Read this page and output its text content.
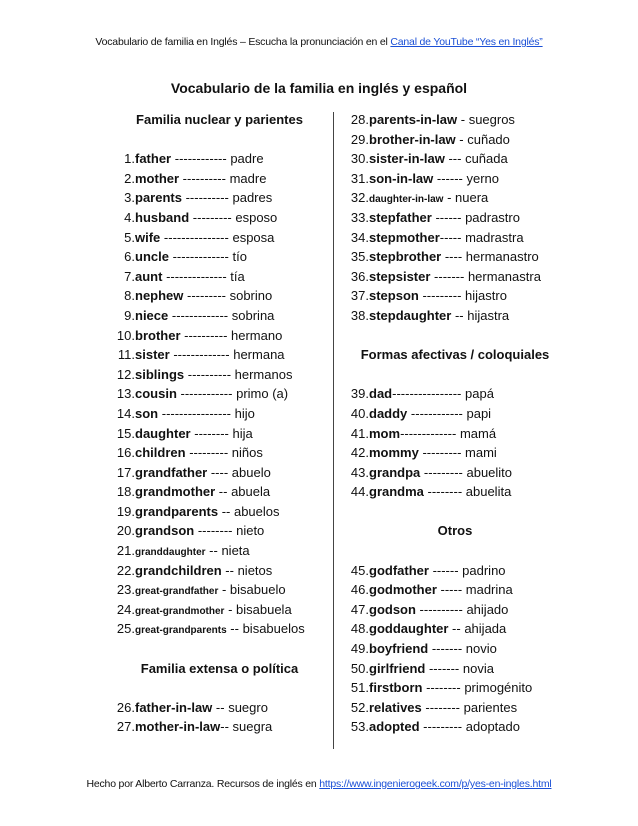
Vocabulario de familia en Inglés – Escucha la pronunciación en el Canal de YouTube “Yes en Inglés”
Vocabulario de la familia en inglés y español
Familia nuclear y parientes
1.father ------------ padre
2.mother ---------- madre
3.parents ---------- padres
4.husband --------- esposo
5.wife --------------- esposa
6.uncle ------------- tío
7.aunt -------------- tía
8.nephew --------- sobrino
9.niece ------------- sobrina
10.brother ---------- hermano
11.sister ------------- hermana
12.siblings ---------- hermanos
13.cousin ------------ primo (a)
14.son ---------------- hijo
15.daughter -------- hija
16.children --------- niños
17.grandfather ---- abuelo
18.grandmother -- abuela
19.grandparents -- abuelos
20.grandson -------- nieto
21.granddaughter -- nieta
22.grandchildren -- nietos
23.great-grandfather - bisabuelo
24.great-grandmother - bisabuela
25.great-grandparents -- bisabuelos
Familia extensa o política
26.father-in-law -- suegro
27.mother-in-law-- suegra
28.parents-in-law - suegros
29.brother-in-law - cuñado
30.sister-in-law --- cuñada
31.son-in-law ------ yerno
32.daughter-in-law - nuera
33.stepfather ------ padrastro
34.stepmother----- madrastra
35.stepbrother ---- hermanastro
36.stepsister ------- hermanastra
37.stepson --------- hijastro
38.stepdaughter -- hijastra
Formas afectivas / coloquiales
39.dad---------------- papá
40.daddy ------------ papi
41.mom------------- mamá
42.mommy --------- mami
43.grandpa --------- abuelito
44.grandma -------- abuelita
Otros
45.godfather ------ padrino
46.godmother ----- madrina
47.godson ---------- ahijado
48.goddaughter -- ahijada
49.boyfriend ------- novio
50.girlfriend ------- novia
51.firstborn -------- primogénito
52.relatives -------- parientes
53.adopted --------- adoptado
Hecho por Alberto Carranza. Recursos de inglés en https://www.ingenierogeek.com/p/yes-en-ingles.html
